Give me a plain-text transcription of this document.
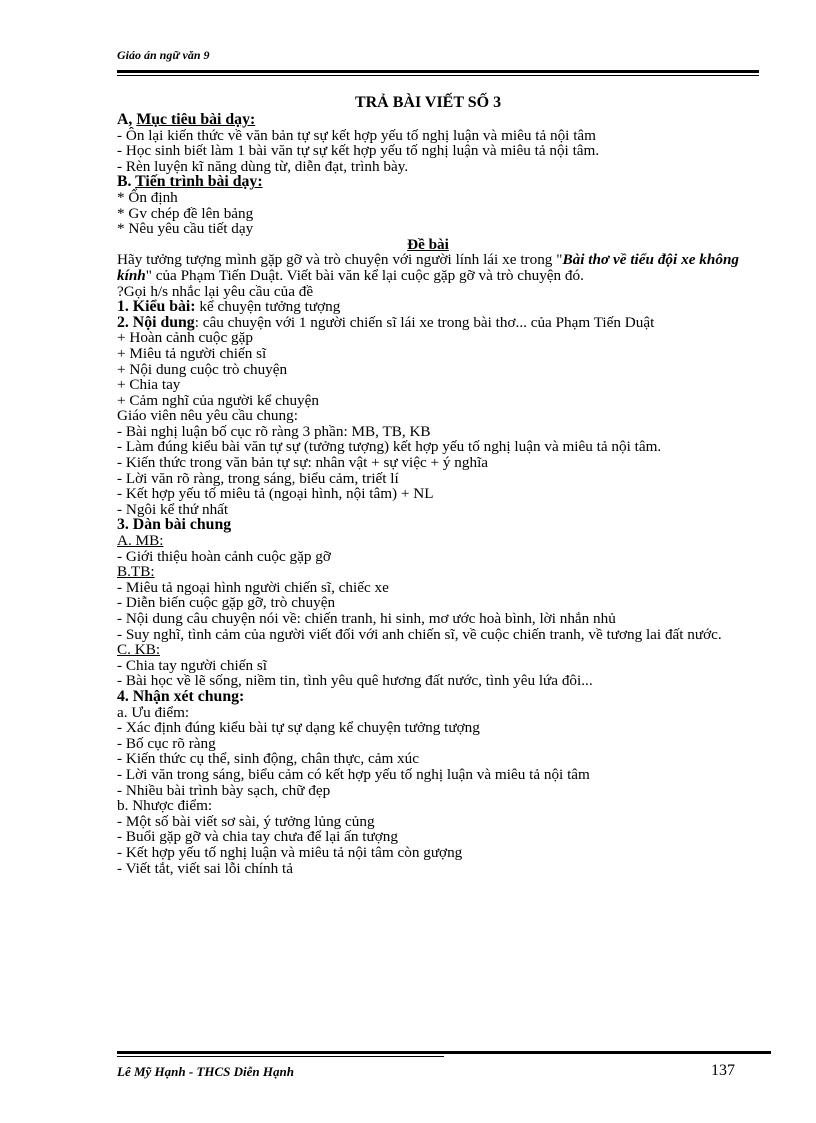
Giáo án ngữ văn 9
TRẢ BÀI VIẾT SỐ 3
A, Mục tiêu bài dạy:
- Ôn lại kiến thức về văn bản tự sự kết hợp yếu tố nghị luận và miêu tả nội tâm
- Học sinh biết làm 1 bài văn tự sự kết hợp yếu tố nghị luận và miêu tả nội tâm.
- Rèn luyện kĩ năng dùng từ, diễn đạt, trình bày.
B. Tiến trình bài dạy:
* Ổn định
* Gv chép đề lên bảng
* Nêu yêu cầu tiết dạy
Đề bài
Hãy tưởng tượng mình gặp gỡ và trò chuyện với người lính lái xe trong "Bài thơ về tiểu đội xe không kính" của Phạm Tiến Duật. Viết bài văn kể lại cuộc gặp gỡ và trò chuyện đó.
?Gọi h/s nhắc lại yêu cầu của đề
1. Kiểu bài: kể chuyện tưởng tượng
2. Nội dung: câu chuyện với 1 người chiến sĩ lái xe trong bài thơ... của Phạm Tiến Duật
+ Hoàn cảnh cuộc gặp
+ Miêu tả người chiến sĩ
+ Nội dung cuộc trò chuyện
+ Chia tay
+ Cảm nghĩ của người kể chuyện
Giáo viên nêu yêu cầu chung:
- Bài nghị luận bố cục rõ ràng 3 phần: MB, TB, KB
- Làm đúng kiểu bài văn tự sự (tưởng tượng) kết hợp yếu tố nghị luận và miêu tả nội tâm.
- Kiến thức trong văn bản tự sự: nhân vật + sự việc + ý nghĩa
- Lời văn rõ ràng, trong sáng, biểu cảm, triết lí
- Kết hợp yếu tố miêu tả (ngoại hình, nội tâm) + NL
- Ngôi kể thứ nhất
3. Dàn bài chung
A. MB:
- Giới thiệu hoàn cảnh cuộc gặp gỡ
B.TB:
- Miêu tả ngoại hình người chiến sĩ, chiếc xe
- Diễn biến cuộc gặp gỡ, trò chuyện
- Nội dung câu chuyện nói về: chiến tranh, hi sinh, mơ ước hoà bình, lời nhắn nhủ
- Suy nghĩ, tình cảm của người viết đối với anh chiến sĩ, về cuộc chiến tranh, về tương lai đất nước.
C. KB:
- Chia tay người chiến sĩ
- Bài học về lẽ sống, niềm tin, tình yêu quê hương đất nước, tình yêu lứa đôi...
4. Nhận xét chung:
a. Ưu điểm:
- Xác định đúng kiểu bài tự sự dạng kể chuyện tưởng tượng
- Bố cục rõ ràng
- Kiến thức cụ thể, sinh động, chân thực, cảm xúc
- Lời văn trong sáng, biểu cảm có kết hợp yếu tố nghị luận và miêu tả nội tâm
- Nhiều bài trình bày sạch, chữ đẹp
b. Nhược điểm:
- Một số bài viết sơ sài, ý tưởng lủng củng
- Buổi gặp gỡ và chia tay chưa để lại ấn tượng
- Kết hợp yếu tố nghị luận và miêu tả nội tâm còn gượng
- Viết tắt, viết sai lỗi chính tả
Lê Mỹ Hạnh - THCS Diễn Hạnh	137
